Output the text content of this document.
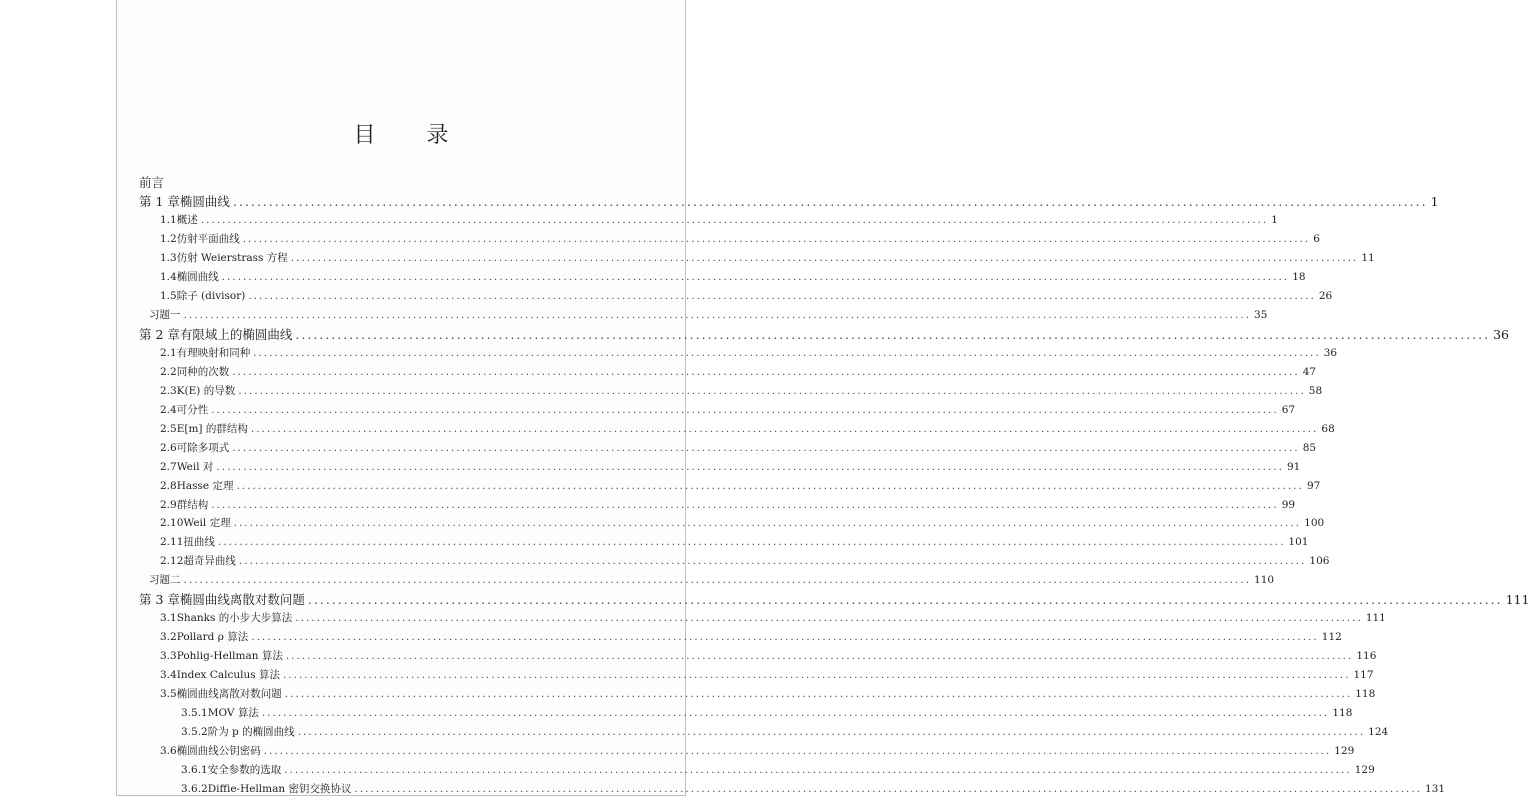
目 录
前言
第 1 章 椭圆曲线 ........................................................................................................................................................................................................ 1
1.1 概述 ........................................................................................................................................................................................................ 1
1.2 仿射平面曲线 ........................................................................................................................................................................................................ 6
1.3 仿射 Weierstrass 方程 ........................................................................................................................................................................................................ 11
1.4 椭圆曲线 ........................................................................................................................................................................................................ 18
1.5 除子 (divisor) ........................................................................................................................................................................................................ 26
习题一 ........................................................................................................................................................................................................ 35
第 2 章 有限域上的椭圆曲线 ........................................................................................................................................................................................................ 36
2.1 有理映射和同种 ........................................................................................................................................................................................................ 36
2.2 同种的次数 ........................................................................................................................................................................................................ 47
2.3 K(E) 的导数 ........................................................................................................................................................................................................ 58
2.4 可分性 ........................................................................................................................................................................................................ 67
2.5 E[m] 的群结构 ........................................................................................................................................................................................................ 68
2.6 可除多项式 ........................................................................................................................................................................................................ 85
2.7 Weil 对 ........................................................................................................................................................................................................ 91
2.8 Hasse 定理 ........................................................................................................................................................................................................ 97
2.9 群结构 ........................................................................................................................................................................................................ 99
2.10 Weil 定理 ........................................................................................................................................................................................................ 100
2.11 扭曲线 ........................................................................................................................................................................................................ 101
2.12 超奇异曲线 ........................................................................................................................................................................................................ 106
习题二 ........................................................................................................................................................................................................ 110
第 3 章 椭圆曲线离散对数问题 ........................................................................................................................................................................................................ 111
3.1 Shanks 的小步大步算法 ........................................................................................................................................................................................................ 111
3.2 Pollard ρ 算法 ........................................................................................................................................................................................................ 112
3.3 Pohlig-Hellman 算法 ........................................................................................................................................................................................................ 116
3.4 Index Calculus 算法 ........................................................................................................................................................................................................ 117
3.5 椭圆曲线离散对数问题 ........................................................................................................................................................................................................ 118
3.5.1 MOV 算法 ........................................................................................................................................................................................................ 118
3.5.2 阶为 p 的椭圆曲线 ........................................................................................................................................................................................................ 124
3.6 椭圆曲线公钥密码 ........................................................................................................................................................................................................ 129
3.6.1 安全参数的选取 ........................................................................................................................................................................................................ 129
3.6.2 Diffie-Hellman 密钥交换协议 ........................................................................................................................................................................................................ 131
